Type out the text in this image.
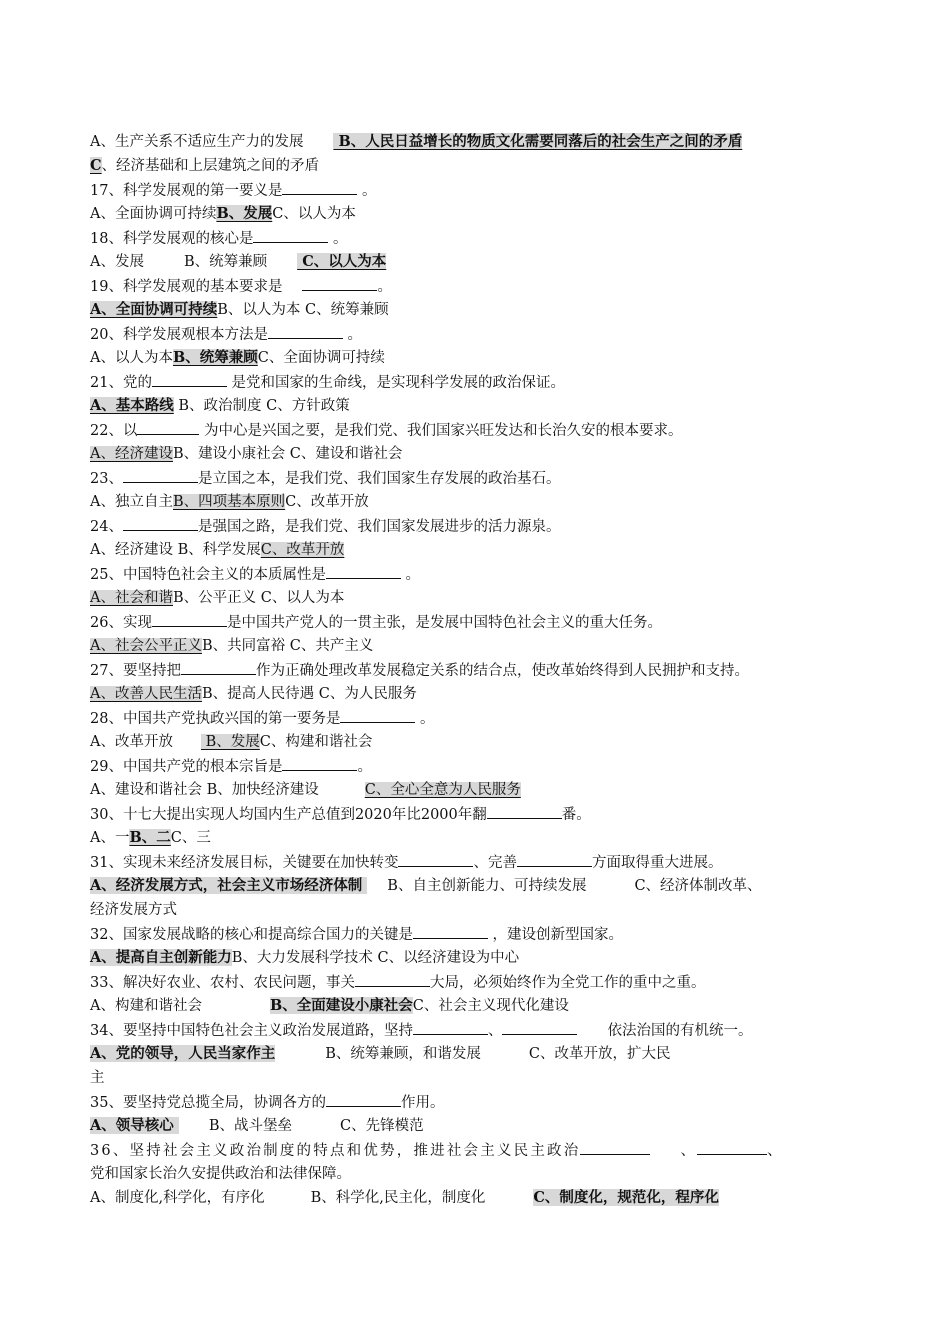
A、生产关系不适应生产力的发展 B、人民日益增长的物质文化需要同落后的社会生产之间的矛盾
C、经济基础和上层建筑之间的矛盾
17、科学发展观的第一要义是	。
A、全面协调可持续B、发展C、以人为本
18、科学发展观的核心是	。
A、发展	B、统筹兼顾 C、以人为本
19、科学发展观的基本要求是	。
A、全面协调可持续B、以人为本 C、统筹兼顾
20、科学发展观根本方法是	。
A、以人为本B、统筹兼顾C、全面协调可持续
21、党的	是党和国家的生命线，是实现科学发展的政治保证。
A、基本路线 B、政治制度 C、方针政策
22、以	为中心是兴国之要，是我们党、我们国家兴旺发达和长治久安的根本要求。
A、经济建设B、建设小康社会 C、建设和谐社会
23、	是立国之本，是我们党、我们国家生存发展的政治基石。
A、独立自主B、四项基本原则C、改革开放
24、	是强国之路，是我们党、我们国家发展进步的活力源泉。
A、经济建设 B、科学发展C、改革开放
25、中国特色社会主义的本质属性是	。
A、社会和谐B、公平正义 C、以人为本
26、实现	是中国共产党人的一贯主张，是发展中国特色社会主义的重大任务。
A、社会公平正义B、共同富裕 C、共产主义
27、要坚持把	作为正确处理改革发展稳定关系的结合点，使改革始终得到人民拥护和支持。
A、改善人民生活B、提高人民待遇 C、为人民服务
28、中国共产党执政兴国的第一要务是	。
A、改革开放 B、发展C、构建和谐社会
29、中国共产党的根本宗旨是	。
A、建设和谐社会 B、加快经济建设	C、全心全意为人民服务
30、十七大提出实现人均国内生产总值到2020年比2000年翻	番。
A、一B、二C、三
31、实现未来经济发展目标，关键要在加快转变	、完善	方面取得重大进展。
A、经济发展方式，社会主义市场经济体制 B、自主创新能力、可持续发展	C、经济体制改革、
经济发展方式
32、国家发展战略的核心和提高综合国力的关键是	，建设创新型国家。
A、提高自主创新能力B、大力发展科学技术 C、以经济建设为中心
33、解决好农业、农村、农民问题，事关	大局，必须始终作为全党工作的重中之重。
A、构建和谐社会	B、全面建设小康社会C、社会主义现代化建设
34、要坚持中国特色社会主义政治发展道路，坚持	、	依法治国的有机统一。
A、党的领导，人民当家作主	B、统筹兼顾，和谐发展	C、改革开放，扩大民
主
35、要坚持党总揽全局，协调各方的	作用。
A、领导核心 B、战斗堡垒	C、先锋模范
36、坚持社会主义政治制度的特点和优势，推进社会主义民主政治	、	、
党和国家长治久安提供政治和法律保障。
A、制度化,科学化，有序化	B、科学化,民主化，制度化	C、制度化，规范化，程序化
